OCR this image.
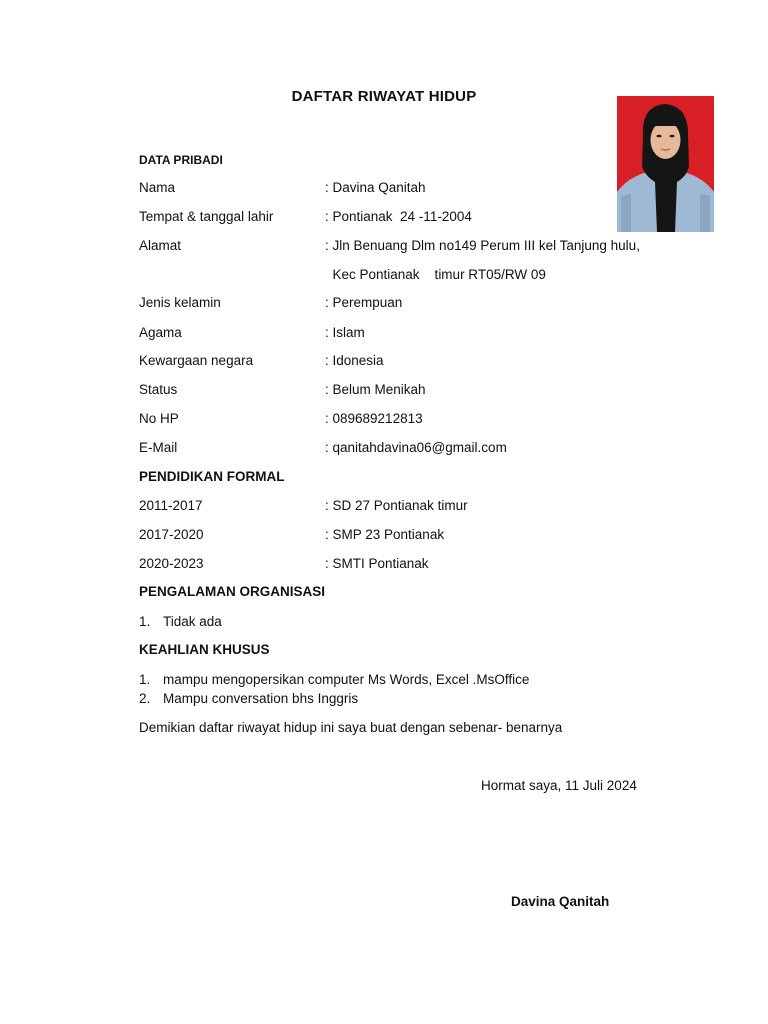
DAFTAR RIWAYAT HIDUP
DATA PRIBADI
Nama	: Davina Qanitah
Tempat & tanggal lahir	: Pontianak  24 -11-2004
Alamat	: Jln Benuang Dlm no149 Perum III kel Tanjung hulu,
Kec Pontianak    timur RT05/RW 09
Jenis kelamin	: Perempuan
Agama	: Islam
Kewargaan negara	: Idonesia
Status	: Belum Menikah
No HP	: 089689212813
E-Mail	: qanitahdavina06@gmail.com
PENDIDIKAN FORMAL
2011-2017	: SD 27 Pontianak timur
2017-2020	: SMP 23 Pontianak
2020-2023	: SMTI Pontianak
PENGALAMAN ORGANISASI
1. Tidak ada
KEAHLIAN KHUSUS
1. mampu mengopersikan computer Ms Words, Excel .MsOffice
2. Mampu conversation bhs Inggris
Demikian daftar riwayat hidup ini saya buat dengan sebenar- benarnya
Hormat saya, 11 Juli 2024
Davina Qanitah
